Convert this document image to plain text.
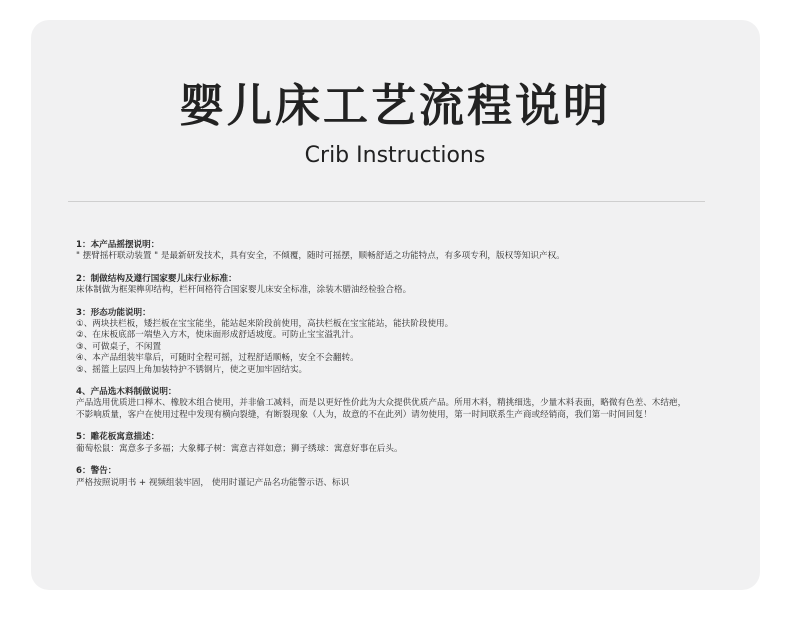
婴儿床工艺流程说明
Crib Instructions
1：本产品摇摆说明：
" 摆臂摇杆联动装置 " 是最新研发技术，具有安全，不倾覆，随时可摇摆，顺畅舒适之功能特点，有多项专利，版权等知识产权。
2：制做结构及遵行国家婴儿床行业标准：
床体制做为框架榫卯结构，栏杆间格符合国家婴儿床安全标准，涂装木腊油经检验合格。
3：形态功能说明：
①、两块扶栏板，矮拦板在宝宝能坐，能站起来阶段前使用，高扶栏板在宝宝能站，能扶阶段使用。
②、在床板底部一端垫入方木，使床面形成舒适坡度。可防止宝宝溢乳汁。
③、可做桌子，不闲置
④、本产品组装牢靠后，可随时全程可摇，过程舒适顺畅，安全不会翻转。
⑤、摇篮上层四上角加装特护不锈钢片，使之更加牢固结实。
4、产品选木料制做说明：
产品选用优质进口榉木、橡胶木组合使用，并非偷工减料，而是以更好性价此为大众提供优质产品。所用木料，精挑细选，少量木料表面，略微有色差、木结疤，
不影响质量，客户在使用过程中发现有横向裂缝，有断裂现象（人为，故意的不在此列）请勿使用，第一时间联系生产商或经销商，我们第一时间回复！
5：雕花板寓意描述：
葡萄松鼠：寓意多子多福；大象椰子树：寓意吉祥如意；狮子绣球：寓意好事在后头。
6：警告：
严格按照说明书 + 视频组装牢固， 使用时谨记产品名功能警示语、标识
